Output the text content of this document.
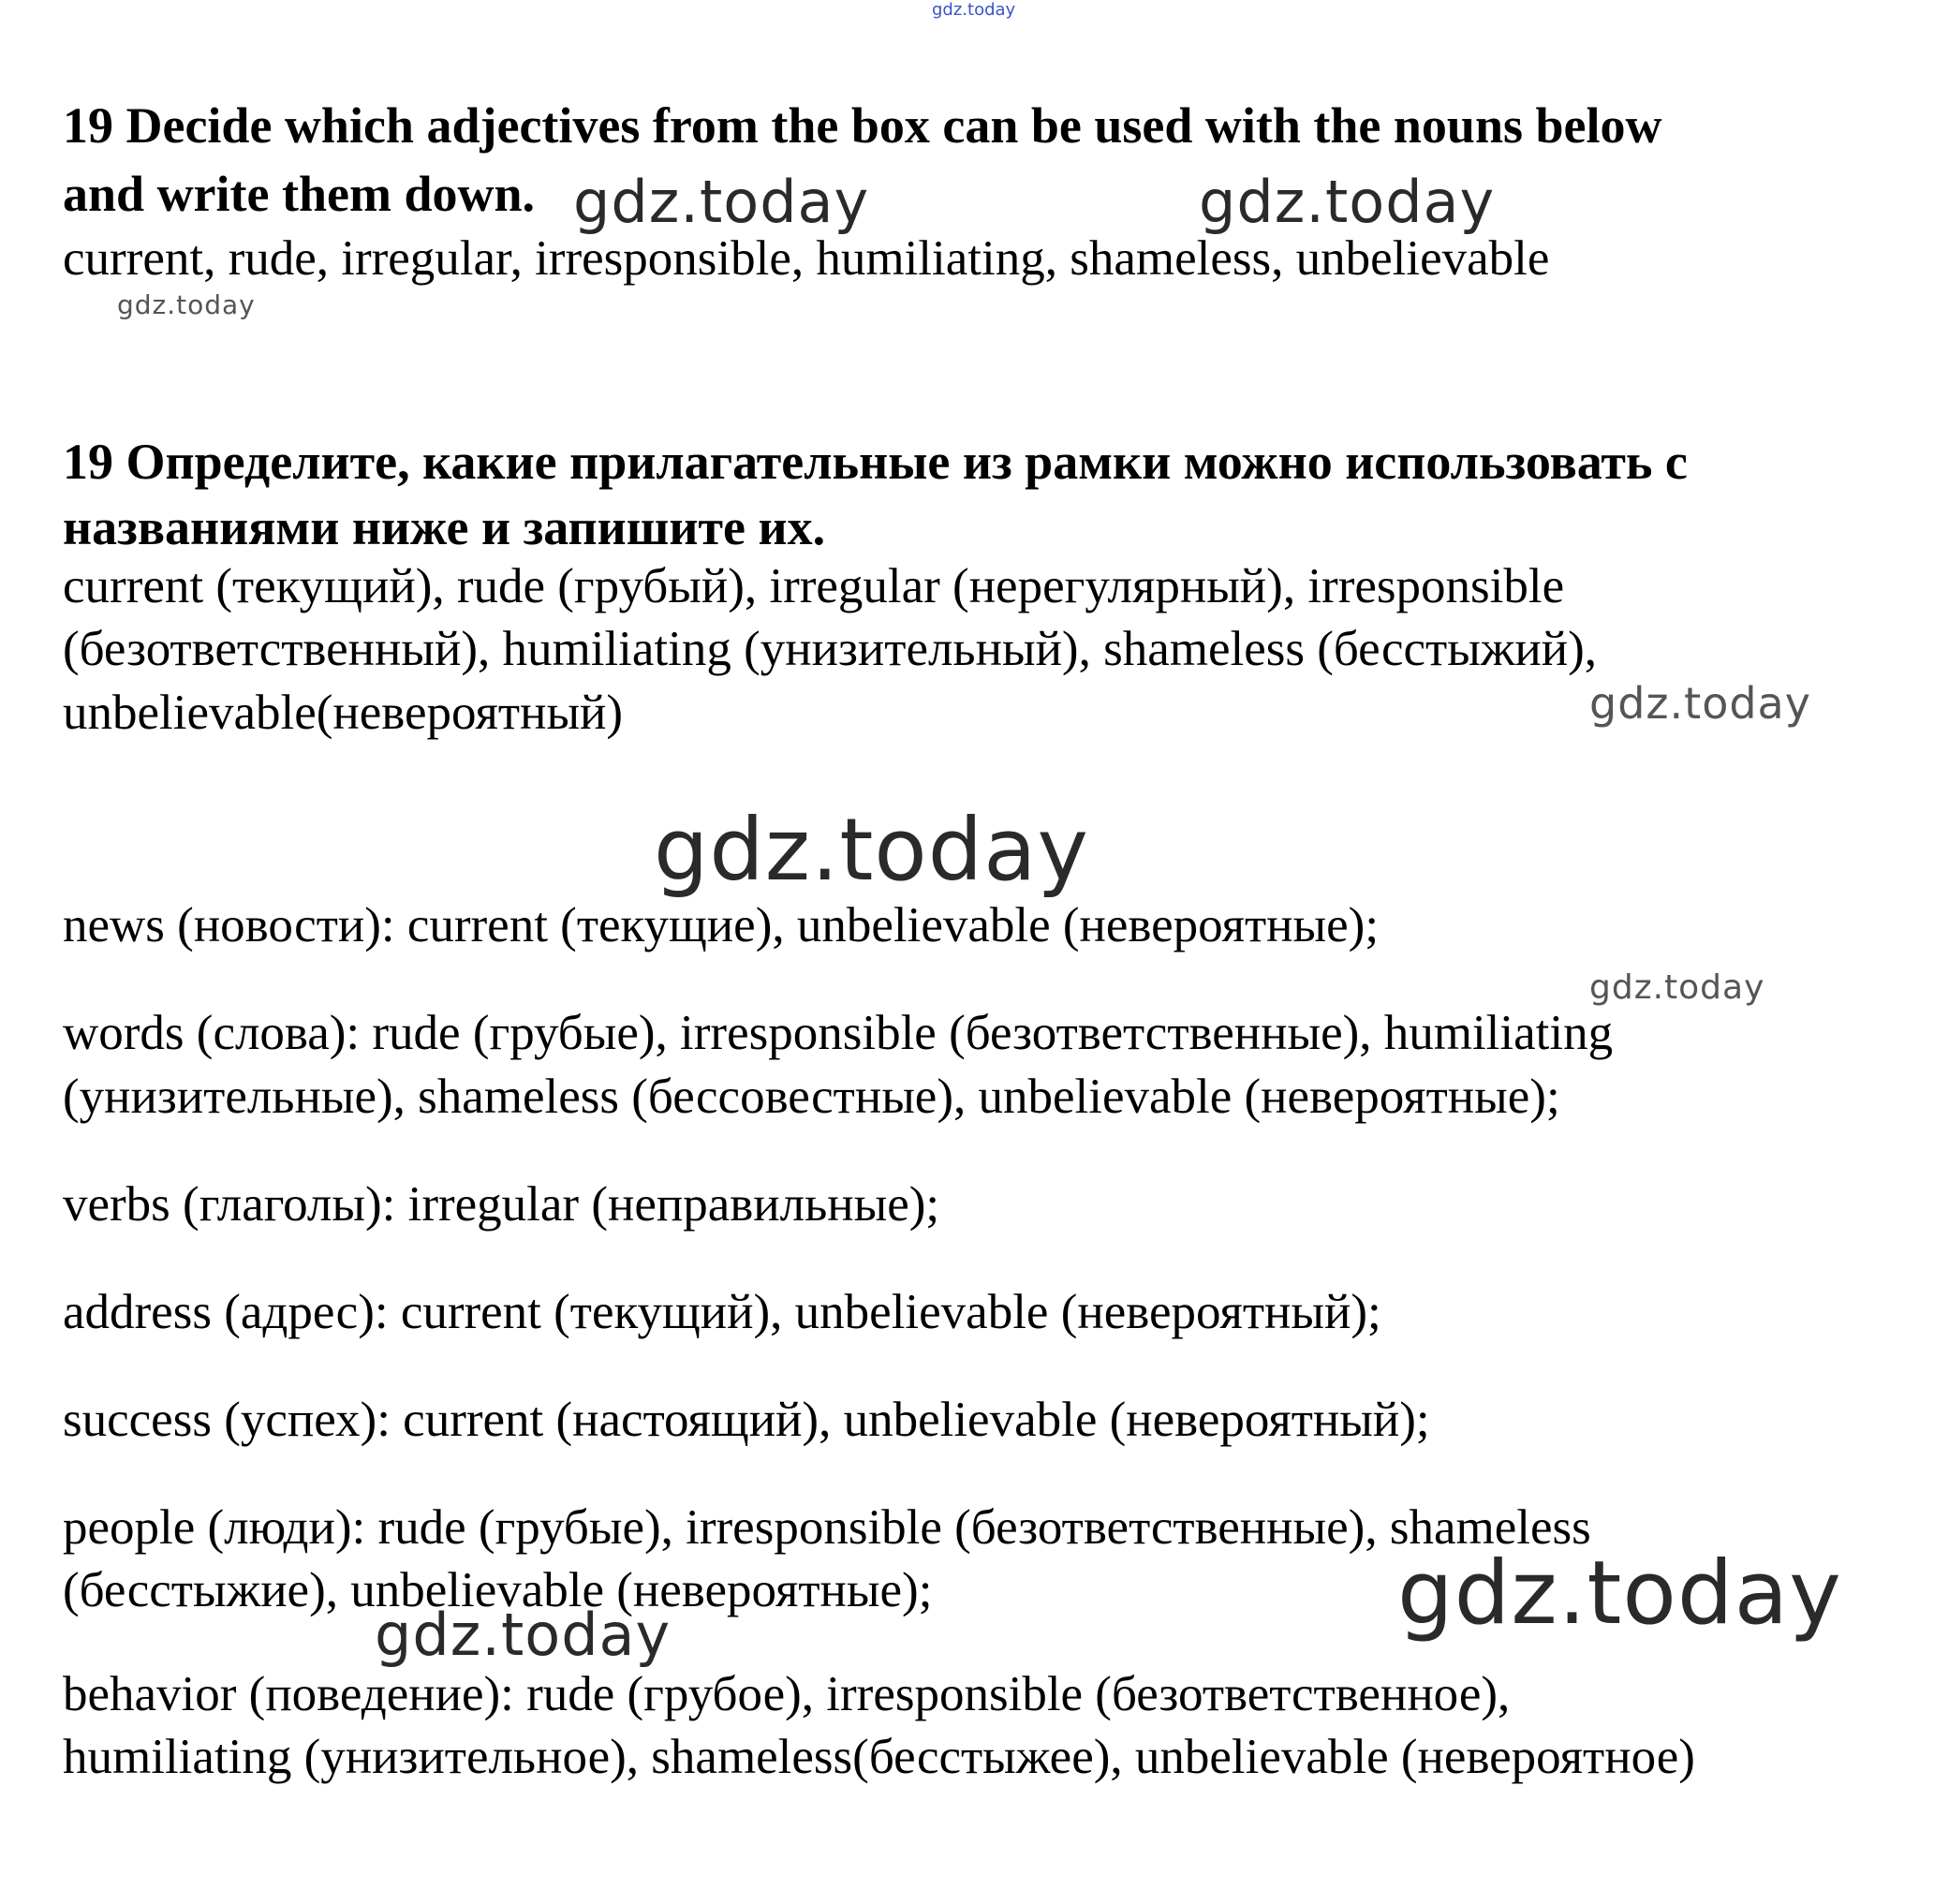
gdz.today
19 Decide which adjectives from the box can be used with the nouns below
and write them down. gdz.today	gdz.today
current, rude, irregular, irresponsible, humiliating, shameless, unbelievable
gdz.today
19 Определите, какие прилагательные из рамки можно использовать с
названиями ниже и запишите их.
current (текущий), rude (грубый), irregular (нерегулярный), irresponsible
(безответственный), humiliating (унизительный), shameless (бесстыжий),
unbelievable(невероятный)	gdz.today
gdz.today
news (новости): current (текущие), unbelievable (невероятные);
gdz.today
words (слова): rude (грубые), irresponsible (безответственные), humiliating
(унизительные), shameless (бессовестные), unbelievable (невероятные);
verbs (глаголы): irregular (неправильные);
address (адрес): current (текущий), unbelievable (невероятный);
success (успех): current (настоящий), unbelievable (невероятный);
people (люди): rude (грубые), irresponsible (безответственные), shameless
(бесстыжие), unbelievable (невероятные);
gdz.today	gdz.today
behavior (поведение): rude (грубое), irresponsible (безответственное),
humiliating (унизительное), shameless(бесстыжее), unbelievable (невероятное)
